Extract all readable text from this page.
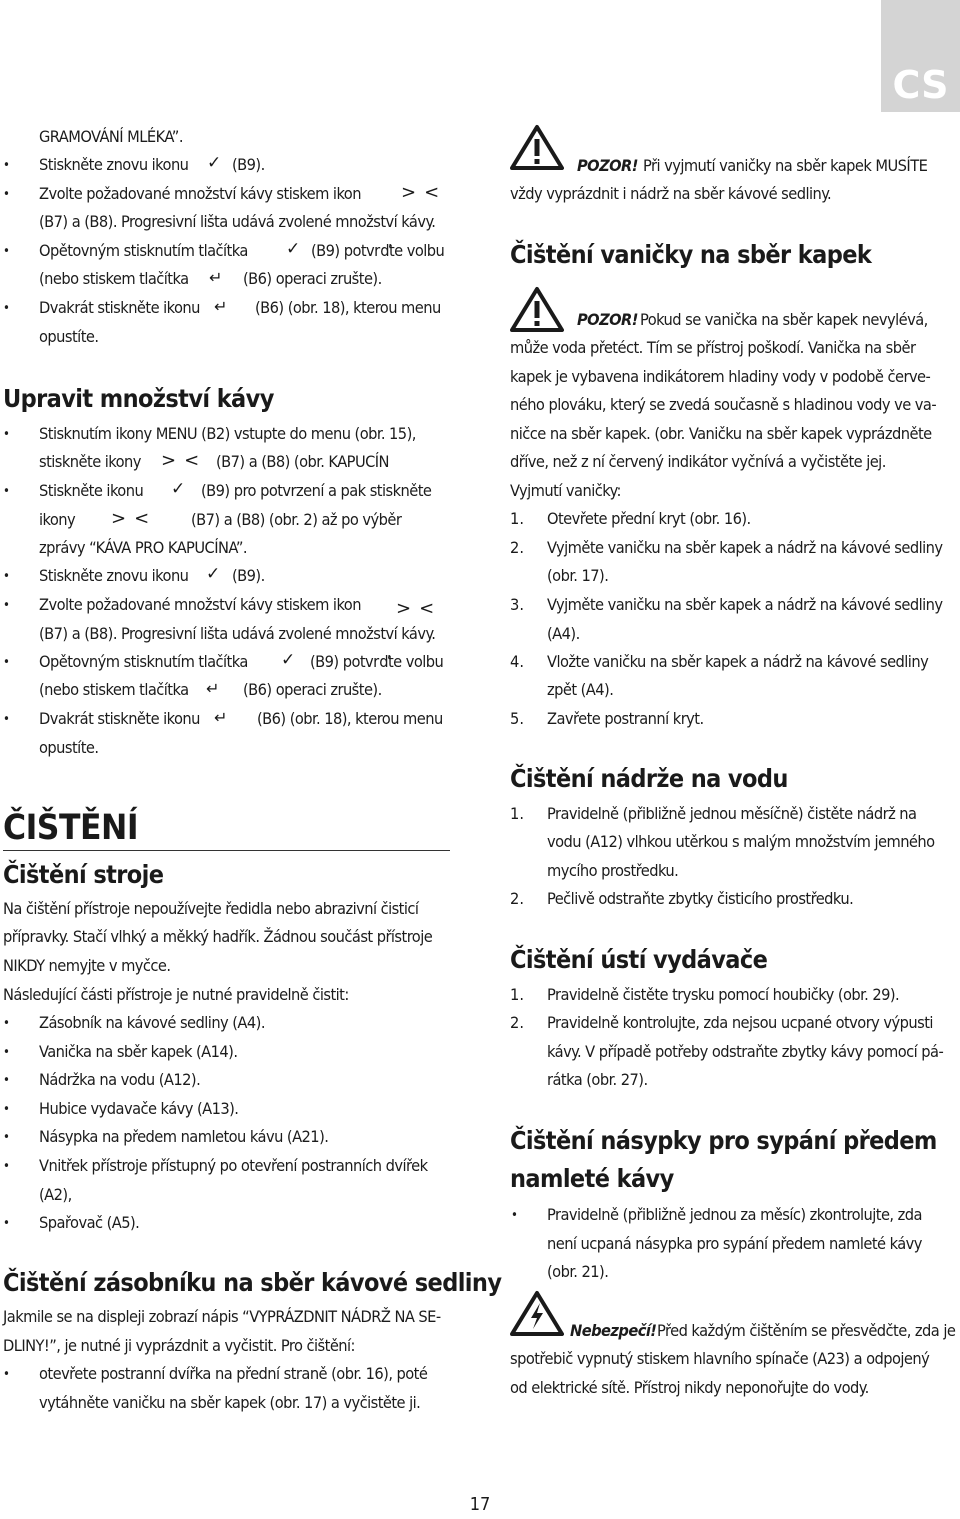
CS
GRAMOVÁNÍ MLÉKA”.
• Stiskněte znovu ikonu ✓ (B9).
• Zvolte požadované množství kávy stiskem ikon ><
(B7) a (B8). Progresivní lišta udává zvolené množství kávy.
• Opětovným stisknutím tlačítka ✓ (B9) potvrďte volbu
(nebo stiskem tlačítka ↵ (B6) operaci zrušte).
• Dvakrát stiskněte ikonu ↵ (B6) (obr. 18), kterou menu
opustíte.
Upravit množství kávy
• Stisknutím ikony MENU (B2) vstupte do menu (obr. 15),
stiskněte ikony >< (B7) a (B8) (obr. KAPUCÍN
• Stiskněte ikonu ✓ (B9) pro potvrzení a pak stiskněte
ikony >< (B7) a (B8) (obr. 2) až po výběr
zprávy “KÁVA PRO KAPUCÍNA”.
• Stiskněte znovu ikonu ✓ (B9).
• Zvolte požadované množství kávy stiskem ikon ><
(B7) a (B8). Progresivní lišta udává zvolené množství kávy.
• Opětovným stisknutím tlačítka ✓ (B9) potvrďte volbu
(nebo stiskem tlačítka ↵ (B6) operaci zrušte).
• Dvakrát stiskněte ikonu ↵ (B6) (obr. 18), kterou menu
opustíte.
ČIŠTĚNÍ
Čištění stroje
Na čištění přístroje nepoužívejte ředidla nebo abrazivní čisticí
přípravky. Stačí vlhký a měkký hadřík. Žádnou součást přístroje
NIKDY nemyjte v myčce.
Následující části přístroje je nutné pravidelně čistit:
• Zásobník na kávové sedliny (A4).
• Vanička na sběr kapek (A14).
• Nádržka na vodu (A12).
• Hubice vydavače kávy (A13).
• Násypka na předem namletou kávu (A21).
• Vnitřek přístroje přístupný po otevření postranních dvířek
(A2),
• Spařovač (A5).
Čištění zásobníku na sběr kávové sedliny
Jakmile se na displeji zobrazí nápis “VYPRÁZDNIT NÁDRŽ NA SE-
DLINY!”, je nutné ji vyprázdnit a vyčistit. Pro čištění:
• otevřete postranní dvířka na přední straně (obr. 16), poté
vytáhněte vaničku na sběr kapek (obr. 17) a vyčistěte ji.
POZOR! Při vyjmutí vaničky na sběr kapek MUSÍTE
vždy vyprázdnit i nádrž na sběr kávové sedliny.
Čištění vaničky na sběr kapek
POZOR! Pokud se vanička na sběr kapek nevylévá,
může voda přetéct. Tím se přístroj poškodí. Vanička na sběr
kapek je vybavena indikátorem hladiny vody v podobě červe-
ného plováku, který se zvedá současně s hladinou vody ve va-
ničce na sběr kapek. (obr. Vaničku na sběr kapek vyprázdněte
dříve, než z ní červený indikátor vyčnívá a vyčistěte jej.
Vyjmutí vaničky:
1. Otevřete přední kryt (obr. 16).
2. Vyjměte vaničku na sběr kapek a nádrž na kávové sedliny
(obr. 17).
3. Vyjměte vaničku na sběr kapek a nádrž na kávové sedliny
(A4).
4. Vložte vaničku na sběr kapek a nádrž na kávové sedliny
zpět (A4).
5. Zavřete postranní kryt.
Čištění nádrže na vodu
1. Pravidelně (přibližně jednou měsíčně) čistěte nádrž na
vodu (A12) vlhkou utěrkou s malým množstvím jemného
mycího prostředku.
2. Pečlivě odstraňte zbytky čisticího prostředku.
Čištění ústí vydávače
1. Pravidelně čistěte trysku pomocí houbičky (obr. 29).
2. Pravidelně kontrolujte, zda nejsou ucpané otvory výpusti
kávy. V případě potřeby odstraňte zbytky kávy pomocí pá-
rátka (obr. 27).
Čištění násypky pro sypání předem
namleté kávy
• Pravidelně (přibližně jednou za měsíc) zkontrolujte, zda
není ucpaná násypka pro sypání předem namleté kávy
(obr. 21).
Nebezpečí! Před každým čištěním se přesvědčte, zda je
spotřebič vypnutý stiskem hlavního spínače (A23) a odpojený
od elektrické sítě. Přístroj nikdy neponořujte do vody.
17
